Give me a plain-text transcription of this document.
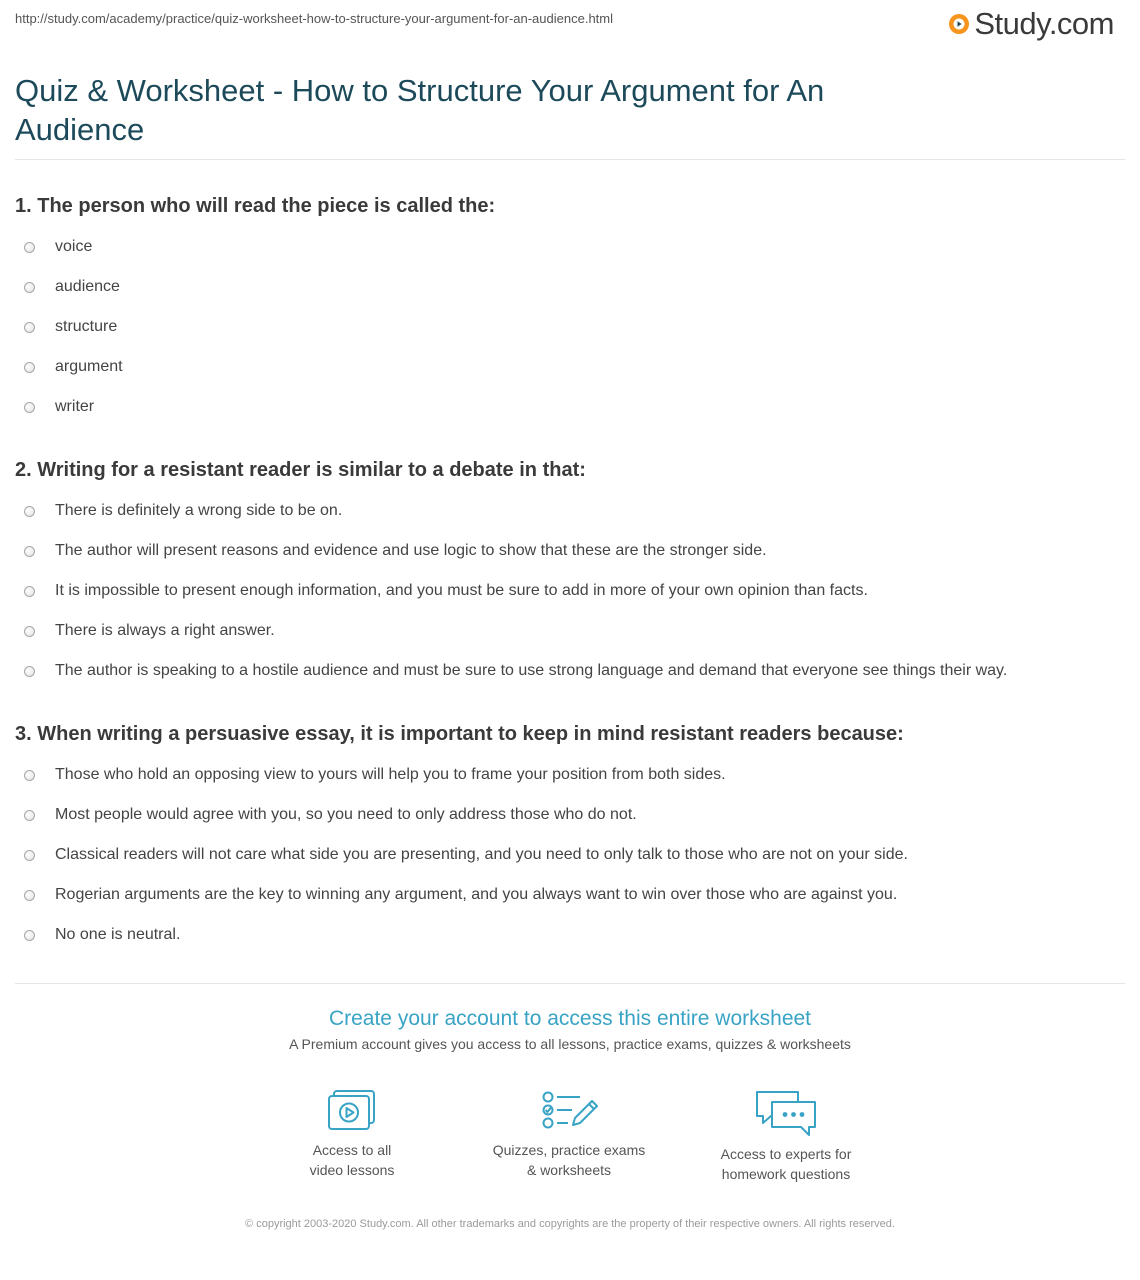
http://study.com/academy/practice/quiz-worksheet-how-to-structure-your-argument-for-an-audience.html	Study.com
Quiz & Worksheet - How to Structure Your Argument for An Audience

1. The person who will read the piece is called the:

voice
audience
structure
argument
writer

2. Writing for a resistant reader is similar to a debate in that:

There is definitely a wrong side to be on.
The author will present reasons and evidence and use logic to show that these are the stronger side.
It is impossible to present enough information, and you must be sure to add in more of your own opinion than facts.
There is always a right answer.
The author is speaking to a hostile audience and must be sure to use strong language and demand that everyone see things their way.

3. When writing a persuasive essay, it is important to keep in mind resistant readers because:

Those who hold an opposing view to yours will help you to frame your position from both sides.
Most people would agree with you, so you need to only address those who do not.
Classical readers will not care what side you are presenting, and you need to only talk to those who are not on your side.
Rogerian arguments are the key to winning any argument, and you always want to win over those who are against you.
No one is neutral.

Create your account to access this entire worksheet

A Premium account gives you access to all lessons, practice exams, quizzes & worksheets
Access to all
video lessons
Quizzes, practice exams
& worksheets
Access to experts for
homework questions
© copyright 2003-2020 Study.com. All other trademarks and copyrights are the property of their respective owners. All rights reserved.
